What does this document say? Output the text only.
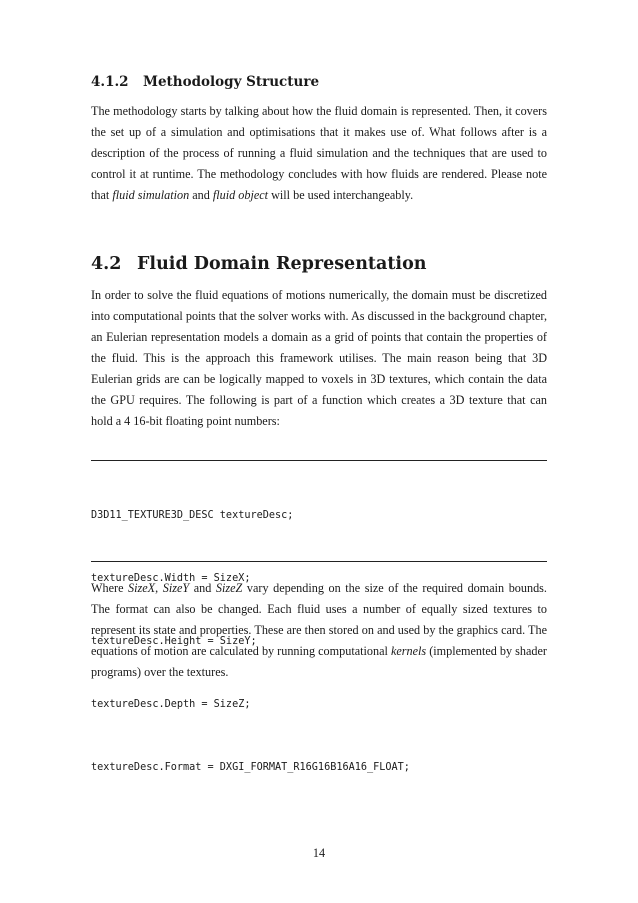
4.1.2 Methodology Structure

The methodology starts by talking about how the fluid domain is represented. Then, it covers the set up of a simulation and optimisations that it makes use of. What follows after is a description of the process of running a fluid simulation and the techniques that are used to control it at runtime. The methodology concludes with how fluids are rendered. Please note that fluid simulation and fluid object will be used interchangeably.

4.2 Fluid Domain Representation

In order to solve the fluid equations of motions numerically, the domain must be discretized into computational points that the solver works with. As discussed in the background chapter, an Eulerian representation models a domain as a grid of points that contain the properties of the fluid. This is the approach this framework utilises. The main reason being that 3D Eulerian grids are can be logically mapped to voxels in 3D textures, which contain the data the GPU requires. The following is part of a function which creates a 3D texture that can hold a 4 16-bit floating point numbers:

D3D11_TEXTURE3D_DESC textureDesc;

textureDesc.Width = SizeX;

textureDesc.Height = SizeY;

textureDesc.Depth = SizeZ;

textureDesc.Format = DXGI_FORMAT_R16G16B16A16_FLOAT;

Where SizeX, SizeY and SizeZ vary depending on the size of the required domain bounds. The format can also be changed. Each fluid uses a number of equally sized textures to represent its state and properties. These are then stored on and used by the graphics card. The equations of motion are calculated by running computational kernels (implemented by shader programs) over the textures.

14
